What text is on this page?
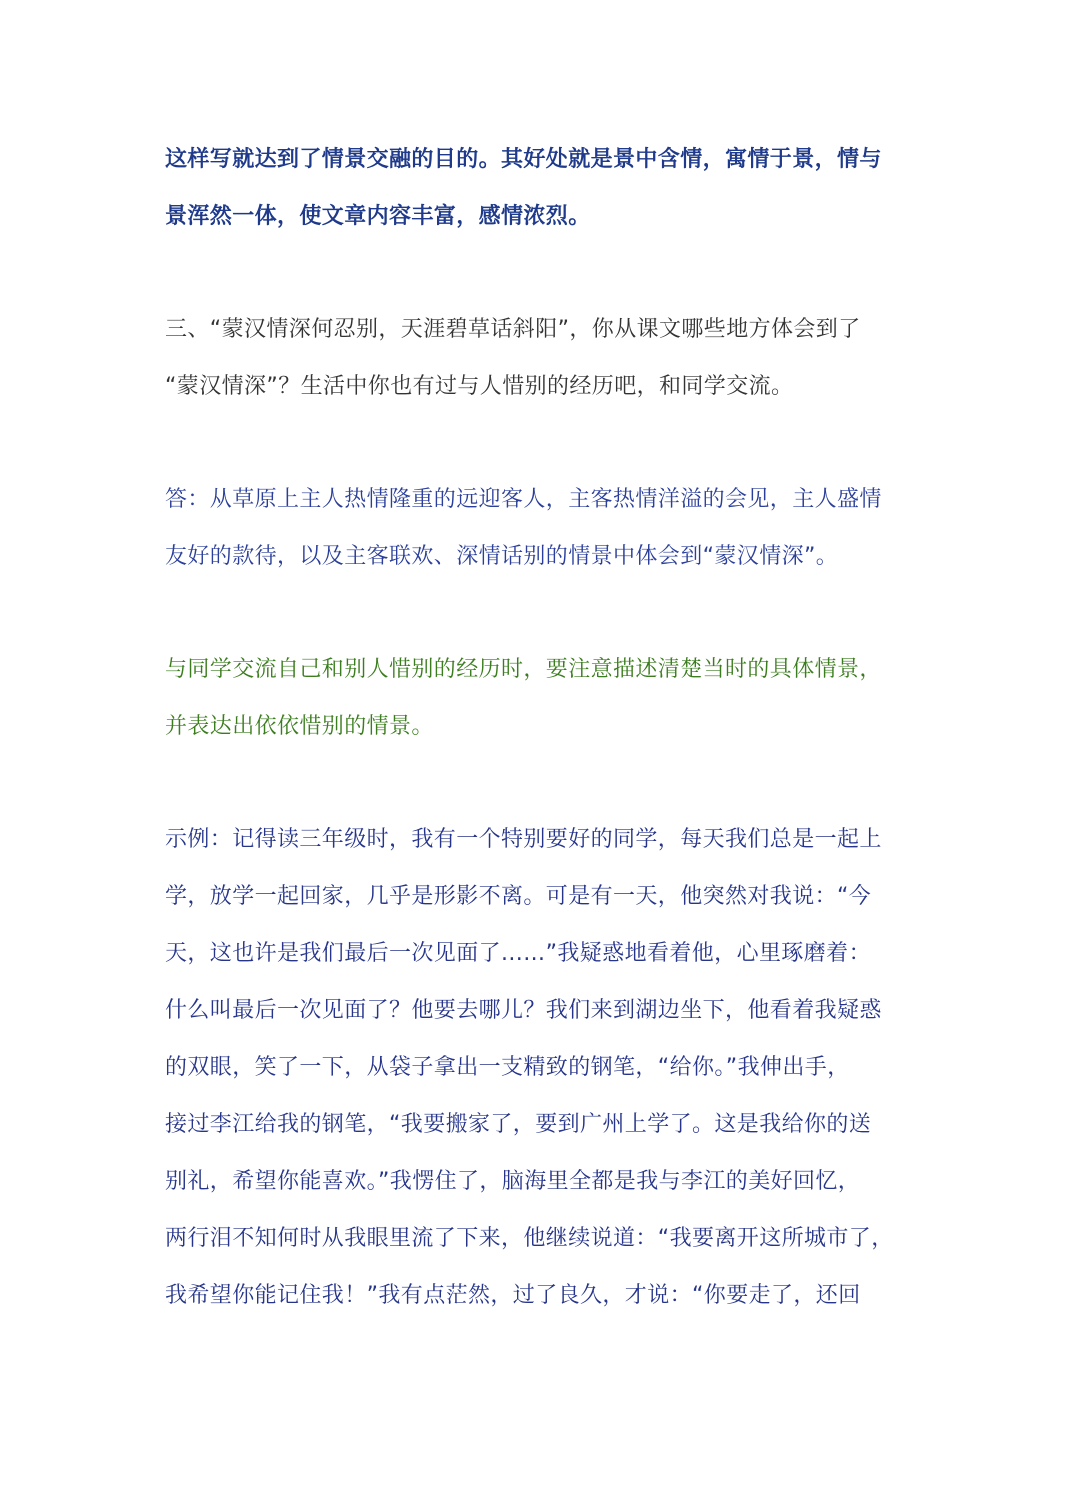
这样写就达到了情景交融的目的。其好处就是景中含情，寓情于景，情与
景浑然一体，使文章内容丰富，感情浓烈。

三、“蒙汉情深何忍别，天涯碧草话斜阳”，你从课文哪些地方体会到了
“蒙汉情深”？生活中你也有过与人惜别的经历吧，和同学交流。

答：从草原上主人热情隆重的远迎客人，主客热情洋溢的会见，主人盛情
友好的款待，以及主客联欢、深情话别的情景中体会到“蒙汉情深”。

与同学交流自己和别人惜别的经历时，要注意描述清楚当时的具体情景，
并表达出依依惜别的情景。

示例：记得读三年级时，我有一个特别要好的同学，每天我们总是一起上
学，放学一起回家，几乎是形影不离。可是有一天，他突然对我说：“今
天，这也许是我们最后一次见面了...…”我疑惑地看着他，心里琢磨着：
什么叫最后一次见面了？他要去哪儿？我们来到湖边坐下，他看着我疑惑
的双眼，笑了一下，从袋子拿出一支精致的钢笔，“给你。”我伸出手，
接过李江给我的钢笔，“我要搬家了，要到广州上学了。这是我给你的送
别礼，希望你能喜欢。”我愣住了，脑海里全都是我与李江的美好回忆，
两行泪不知何时从我眼里流了下来，他继续说道：“我要离开这所城市了，
我希望你能记住我！”我有点茫然，过了良久，才说：“你要走了，还回
